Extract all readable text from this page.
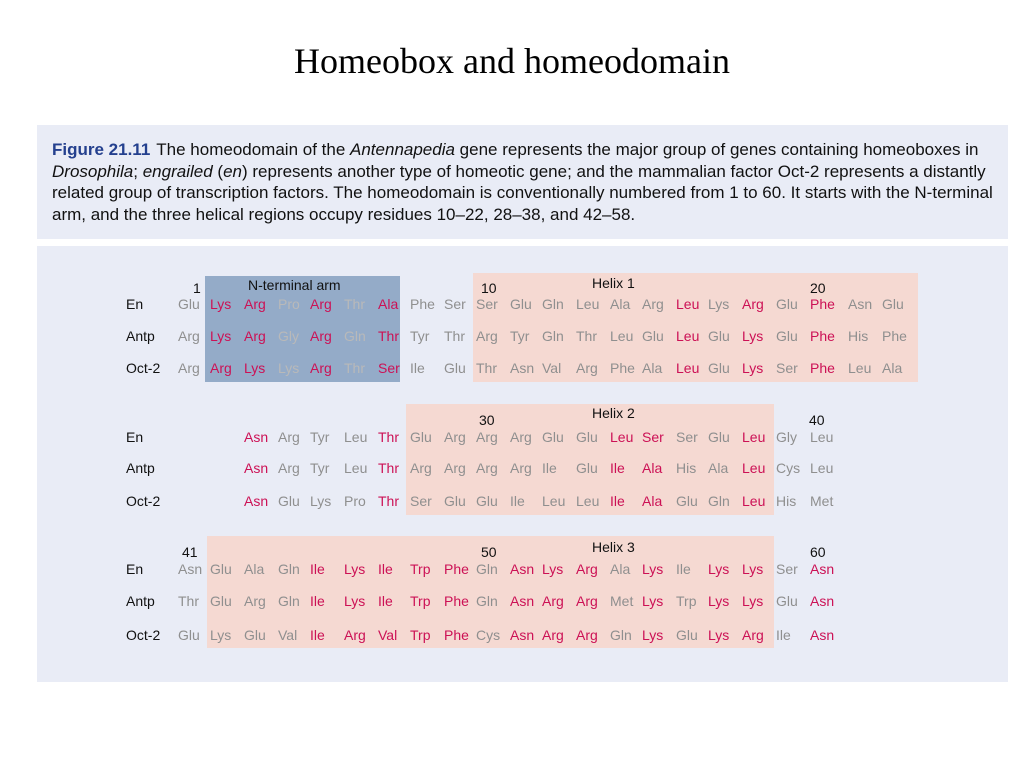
Homeobox and homeodomain
Figure 21.11 The homeodomain of the Antennapedia gene represents the major group of genes containing homeoboxes in Drosophila; engrailed (en) represents another type of homeotic gene; and the mammalian factor Oct-2 represents a distantly related group of transcription factors. The homeodomain is conventionally numbered from 1 to 60. It starts with the N-terminal arm, and the three helical regions occupy residues 10–22, 28–38, and 42–58.
N-terminal arm	Helix 1
1	10	20
En Glu Lys Arg Pro Arg Thr Ala Phe Ser Ser Glu Gln Leu Ala Arg Leu Lys Arg Glu Phe Asn Glu
Antp Arg Lys Arg Gly Arg Gln Thr Tyr Thr Arg Tyr Gln Thr Leu Glu Leu Glu Lys Glu Phe His Phe
Oct-2 Arg Arg Lys Lys Arg Thr Ser Ile Glu Thr Asn Val Arg Phe Ala Leu Glu Lys Ser Phe Leu Ala
Helix 2
30	40
En	Asn Arg Tyr Leu Thr Glu Arg Arg Arg Glu Glu Leu Ser Ser Glu Leu Gly Leu
Antp	Asn Arg Tyr Leu Thr Arg Arg Arg Arg Ile Glu Ile Ala His Ala Leu Cys Leu
Oct-2	Asn Glu Lys Pro Thr Ser Glu Glu Ile Leu Leu Ile Ala Glu Gln Leu His Met
Helix 3
41	50	60
En Asn Glu Ala Gln Ile Lys Ile Trp Phe Gln Asn Lys Arg Ala Lys Ile Lys Lys Ser Asn
Antp Thr Glu Arg Gln Ile Lys Ile Trp Phe Gln Asn Arg Arg Met Lys Trp Lys Lys Glu Asn
Oct-2 Glu Lys Glu Val Ile Arg Val Trp Phe Cys Asn Arg Arg Gln Lys Glu Lys Arg Ile Asn
